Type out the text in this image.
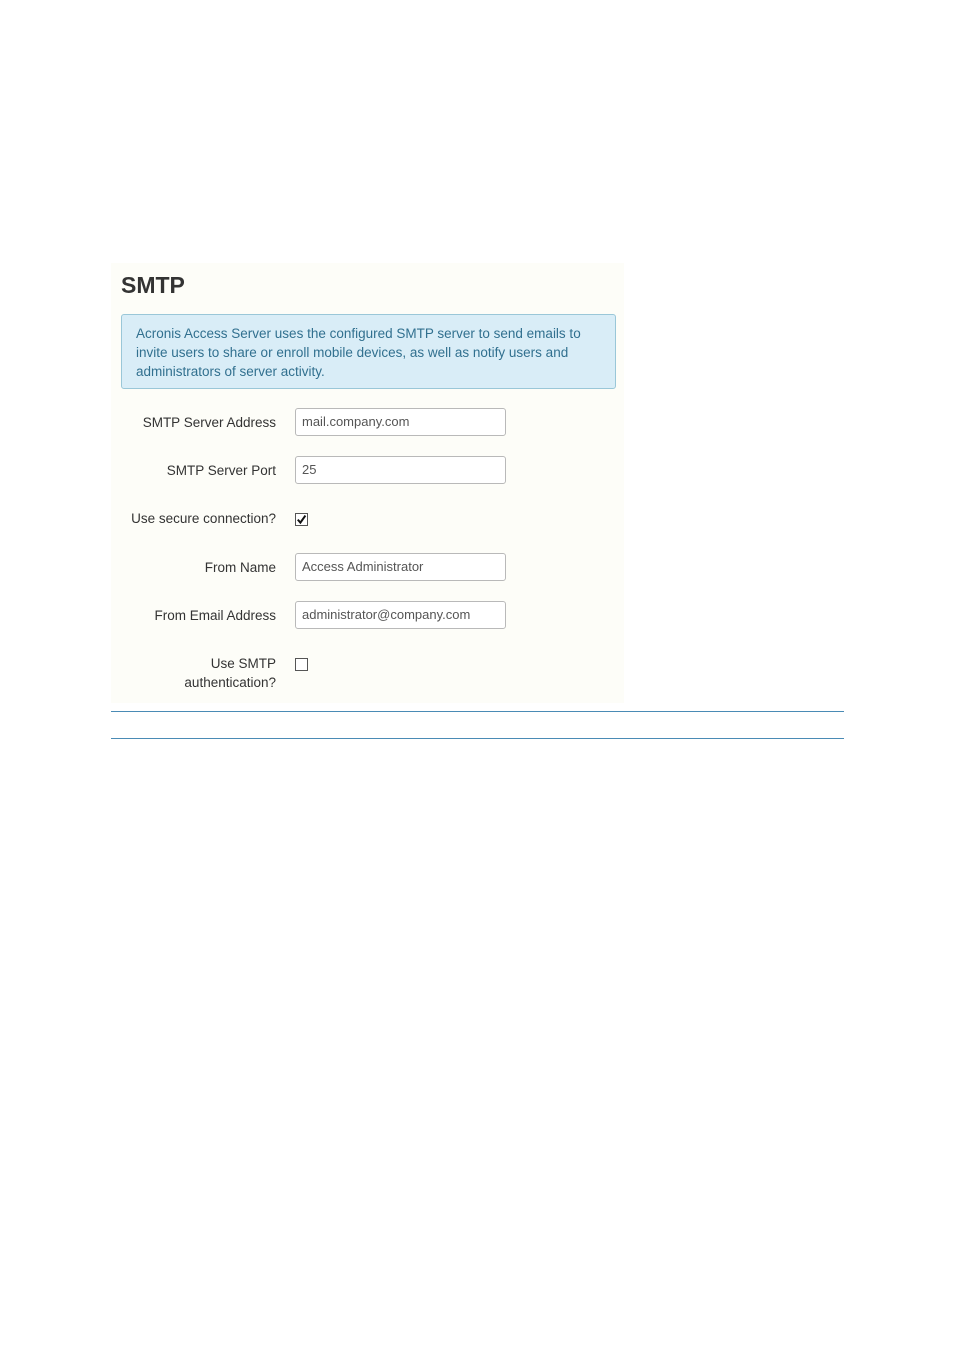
SMTP
Acronis Access Server uses the configured SMTP server to send emails to invite users to share or enroll mobile devices, as well as notify users and administrators of server activity.
SMTP Server Address	mail.company.com
SMTP Server Port	25
Use secure connection?
From Name	Access Administrator
From Email Address	administrator@company.com
Use SMTP
authentication?
